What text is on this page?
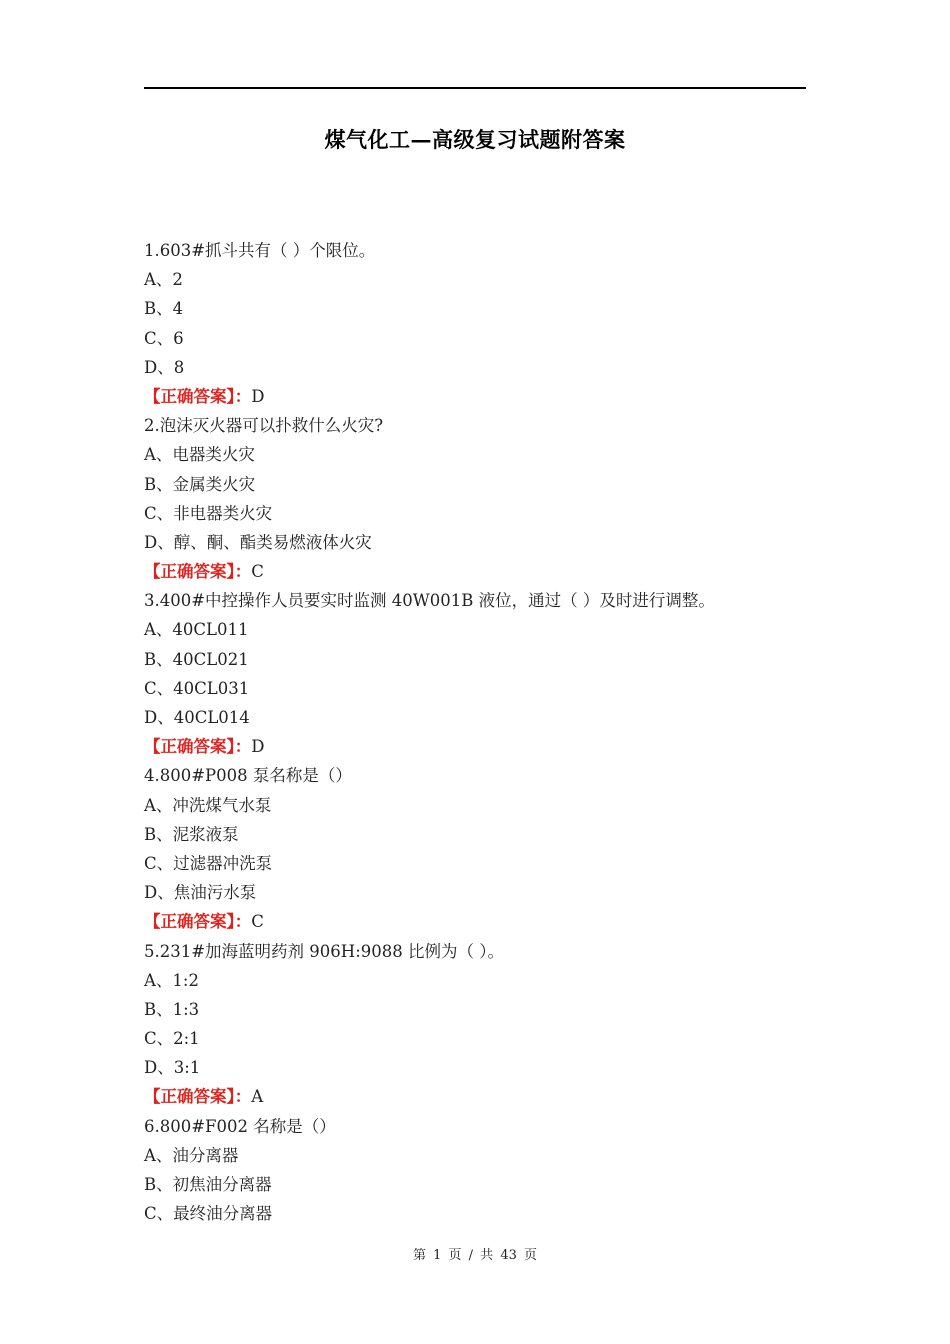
煤气化工—高级复习试题附答案
1.603#抓斗共有（ ）个限位。
A、2
B、4
C、6
D、8
【正确答案】：D
2.泡沫灭火器可以扑救什么火灾?
A、电器类火灾
B、金属类火灾
C、非电器类火灾
D、醇、酮、酯类易燃液体火灾
【正确答案】：C
3.400#中控操作人员要实时监测 40W001B 液位，通过（ ）及时进行调整。
A、40CL011
B、40CL021
C、40CL031
D、40CL014
【正确答案】：D
4.800#P008 泵名称是（）
A、冲洗煤气水泵
B、泥浆液泵
C、过滤器冲洗泵
D、焦油污水泵
【正确答案】：C
5.231#加海蓝明药剂 906H:9088 比例为（ ）。
A、1:2
B、1:3
C、2:1
D、3:1
【正确答案】：A
6.800#F002 名称是（）
A、油分离器
B、初焦油分离器
C、最终油分离器
第 1 页 / 共 43 页
